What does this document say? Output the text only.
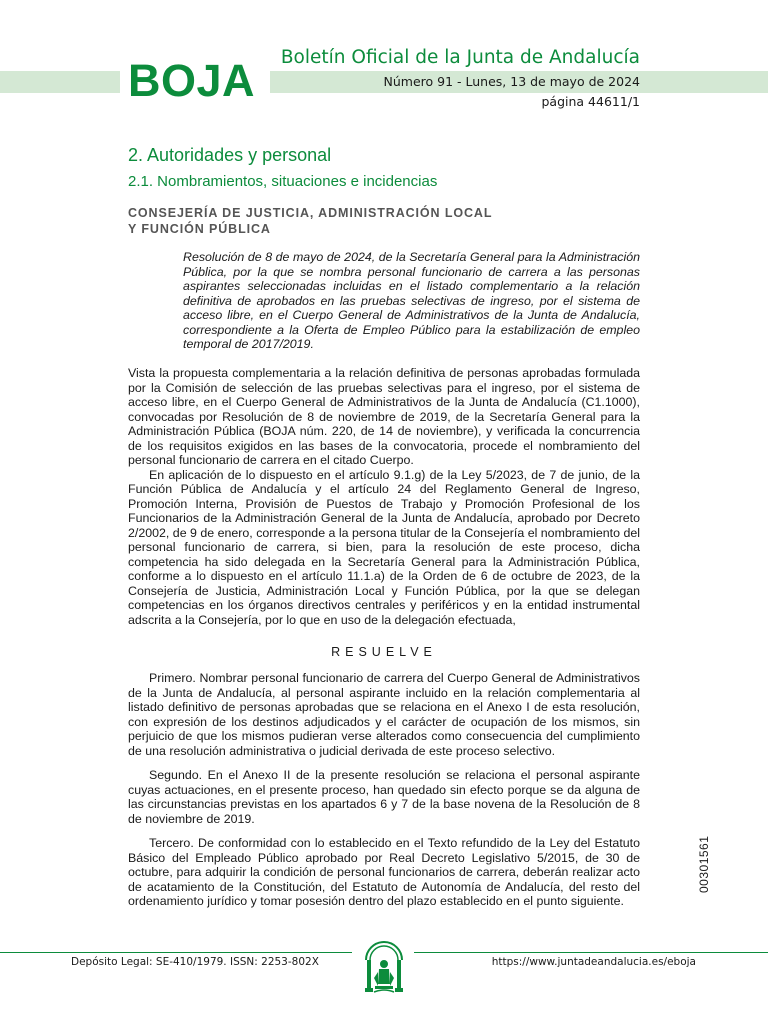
BOJA Boletín Oficial de la Junta de Andalucía
Número 91 - Lunes, 13 de mayo de 2024
página 44611/1
2. Autoridades y personal
2.1. Nombramientos, situaciones e incidencias
CONSEJERÍA DE JUSTICIA, ADMINISTRACIÓN LOCAL
Y FUNCIÓN PÚBLICA
Resolución de 8 de mayo de 2024, de la Secretaría General para la Administración Pública, por la que se nombra personal funcionario de carrera a las personas aspirantes seleccionadas incluidas en el listado complementario a la relación definitiva de aprobados en las pruebas selectivas de ingreso, por el sistema de acceso libre, en el Cuerpo General de Administrativos de la Junta de Andalucía, correspondiente a la Oferta de Empleo Público para la estabilización de empleo temporal de 2017/2019.

Vista la propuesta complementaria a la relación definitiva de personas aprobadas formulada por la Comisión de selección de las pruebas selectivas para el ingreso, por el sistema de acceso libre, en el Cuerpo General de Administrativos de la Junta de Andalucía (C1.1000), convocadas por Resolución de 8 de noviembre de 2019, de la Secretaría General para la Administración Pública (BOJA núm. 220, de 14 de noviembre), y verificada la concurrencia de los requisitos exigidos en las bases de la convocatoria, procede el nombramiento del personal funcionario de carrera en el citado Cuerpo.

En aplicación de lo dispuesto en el artículo 9.1.g) de la Ley 5/2023, de 7 de junio, de la Función Pública de Andalucía y el artículo 24 del Reglamento General de Ingreso, Promoción Interna, Provisión de Puestos de Trabajo y Promoción Profesional de los Funcionarios de la Administración General de la Junta de Andalucía, aprobado por Decreto 2/2002, de 9 de enero, corresponde a la persona titular de la Consejería el nombramiento del personal funcionario de carrera, si bien, para la resolución de este proceso, dicha competencia ha sido delegada en la Secretaría General para la Administración Pública, conforme a lo dispuesto en el artículo 11.1.a) de la Orden de 6 de octubre de 2023, de la Consejería de Justicia, Administración Local y Función Pública, por la que se delegan competencias en los órganos directivos centrales y periféricos y en la entidad instrumental adscrita a la Consejería, por lo que en uso de la delegación efectuada,

RESUELVE

Primero. Nombrar personal funcionario de carrera del Cuerpo General de Administrativos de la Junta de Andalucía, al personal aspirante incluido en la relación complementaria al listado definitivo de personas aprobadas que se relaciona en el Anexo I de esta resolución, con expresión de los destinos adjudicados y el carácter de ocupación de los mismos, sin perjuicio de que los mismos pudieran verse alterados como consecuencia del cumplimiento de una resolución administrativa o judicial derivada de este proceso selectivo.

Segundo. En el Anexo II de la presente resolución se relaciona el personal aspirante cuyas actuaciones, en el presente proceso, han quedado sin efecto porque se da alguna de las circunstancias previstas en los apartados 6 y 7 de la base novena de la Resolución de 8 de noviembre de 2019.

Tercero. De conformidad con lo establecido en el Texto refundido de la Ley del Estatuto Básico del Empleado Público aprobado por Real Decreto Legislativo 5/2015, de 30 de octubre, para adquirir la condición de personal funcionarios de carrera, deberán realizar acto de acatamiento de la Constitución, del Estatuto de Autonomía de Andalucía, del resto del ordenamiento jurídico y tomar posesión dentro del plazo establecido en el punto siguiente.

00301561
Depósito Legal: SE-410/1979. ISSN: 2253-802X	https://www.juntadeandalucia.es/eboja
